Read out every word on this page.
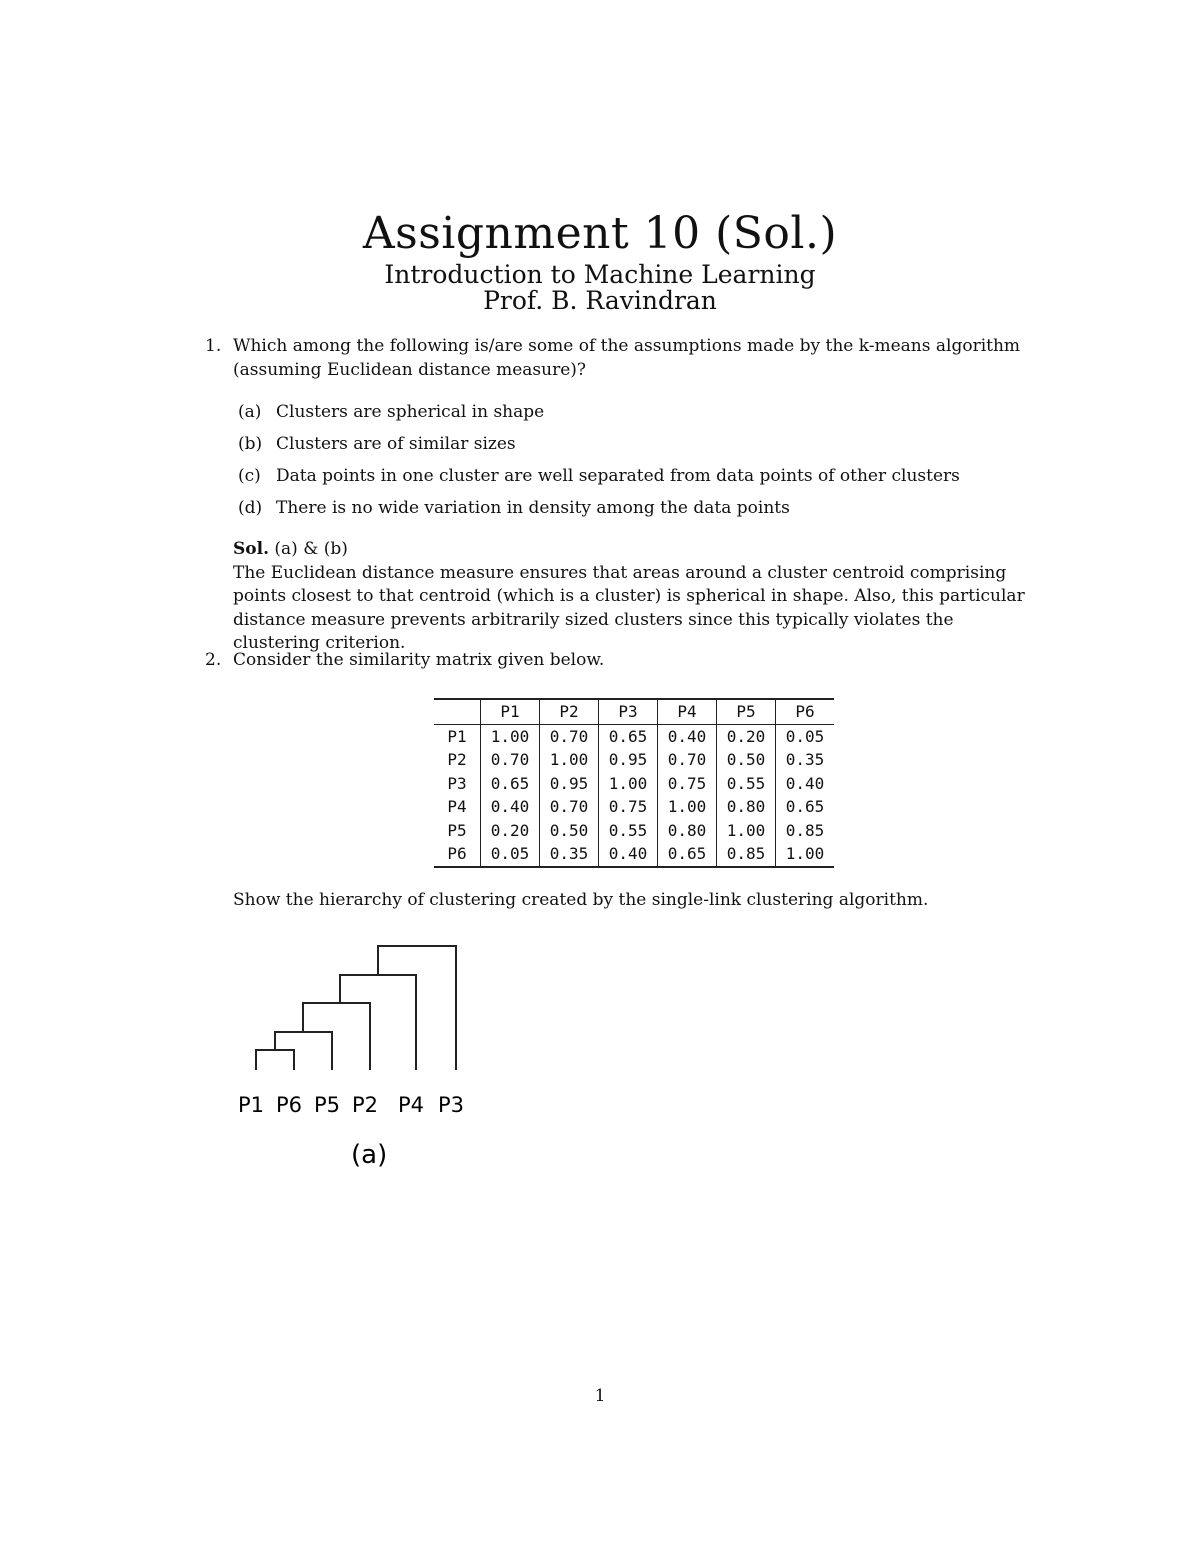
Assignment 10 (Sol.)
Introduction to Machine Learning
Prof. B. Ravindran
1. Which among the following is/are some of the assumptions made by the k-means algorithm (assuming Euclidean distance measure)?
(a) Clusters are spherical in shape
(b) Clusters are of similar sizes
(c) Data points in one cluster are well separated from data points of other clusters
(d) There is no wide variation in density among the data points
Sol. (a) & (b)
The Euclidean distance measure ensures that areas around a cluster centroid comprising points closest to that centroid (which is a cluster) is spherical in shape. Also, this particular distance measure prevents arbitrarily sized clusters since this typically violates the clustering criterion.
2. Consider the similarity matrix given below.
	P1	P2	P3	P4	P5	P6
P1	1.00	0.70	0.65	0.40	0.20	0.05
P2	0.70	1.00	0.95	0.70	0.50	0.35
P3	0.65	0.95	1.00	0.75	0.55	0.40
P4	0.40	0.70	0.75	1.00	0.80	0.65
P5	0.20	0.50	0.55	0.80	1.00	0.85
P6	0.05	0.35	0.40	0.65	0.85	1.00
Show the hierarchy of clustering created by the single-link clustering algorithm.
P1 P6 P5 P2 P4 P3
(a)
1
